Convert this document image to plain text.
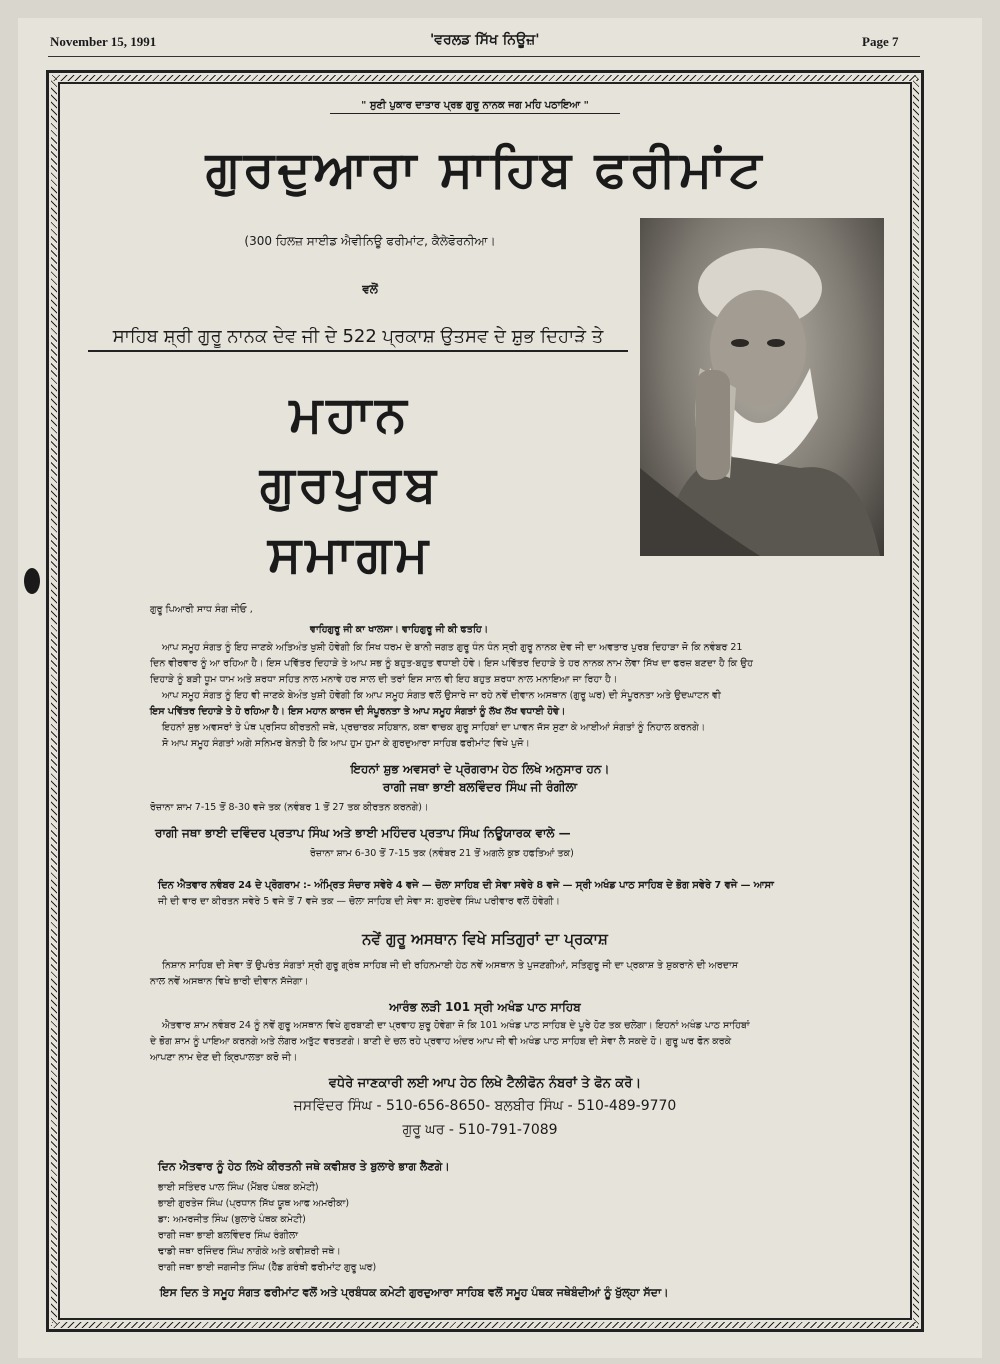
November 15, 1991	'ਵਰਲਡ ਸਿੱਖ ਨਿਊਜ਼'	Page 7
" ਸੁਣੀ ਪੁਕਾਰ ਦਾਤਾਰ ਪ੍ਰਭ ਗੁਰੂ ਨਾਨਕ ਜਗ ਮਹਿ ਪਠਾਇਆ "
ਗੁਰਦੁਆਰਾ ਸਾਹਿਬ ਫਰੀਮਾਂਟ
(300 ਹਿਲਜ਼ ਸਾਈਡ ਐਵੀਨਿਊ ਫਰੀਮਾਂਟ, ਕੈਲੇਫੋਰਨੀਆ।
ਵਲੋਂ
ਸਾਹਿਬ ਸ਼੍ਰੀ ਗੁਰੂ ਨਾਨਕ ਦੇਵ ਜੀ ਦੇ 522 ਪ੍ਰਕਾਸ਼ ਉਤਸਵ ਦੇ ਸ਼ੁਭ ਦਿਹਾੜੇ ਤੇ
ਮਹਾਨ
ਗੁਰਪੁਰਬ
ਸਮਾਗਮ
ਗੁਰੂ ਪਿਆਰੀ ਸਾਧ ਸੰਗ ਜੀਓ ,
ਵਾਹਿਗੁਰੂ ਜੀ ਕਾ ਖਾਲਸਾ। ਵਾਹਿਗੁਰੂ ਜੀ ਕੀ ਫਤਹਿ।
ਆਪ ਸਮੂਹ ਸੰਗਤ ਨੂੰ ਇਹ ਜਾਣਕੇ ਅਤਿਅੰਤ ਖੁਸ਼ੀ ਹੋਵੇਗੀ ਕਿ ਸਿਖ ਧਰਮ ਦੇ ਬਾਨੀ ਜਗਤ ਗੁਰੂ ਧੰਨ ਧੰਨ ਸ੍ਰੀ ਗੁਰੂ ਨਾਨਕ ਦੇਵ ਜੀ ਦਾ ਅਵਤਾਰ ਪੁਰਬ ਦਿਹਾੜਾ ਜੋ ਕਿ ਨਵੰਬਰ 21
ਦਿਨ ਵੀਰਵਾਰ ਨੂੰ ਆ ਰਹਿਆ ਹੈ। ਇਸ ਪਵਿੱਤਰ ਦਿਹਾੜੇ ਤੇ ਆਪ ਸਭ ਨੂੰ ਬਹੁਤ-ਬਹੁਤ ਵਧਾਈ ਹੋਵੇ। ਇਸ ਪਵਿੱਤਰ ਦਿਹਾੜੇ ਤੇ ਹਰ ਨਾਨਕ ਨਾਮ ਲੇਵਾ ਸਿੱਖ ਦਾ ਫਰਜ਼ ਬਣਦਾ ਹੈ ਕਿ ਉਹ
ਦਿਹਾੜੇ ਨੂੰ ਬੜੀ ਧੂਮ ਧਾਮ ਅਤੇ ਸ਼ਰਧਾ ਸਹਿਤ ਨਾਲ ਮਨਾਵੇ ਹਰ ਸਾਲ ਦੀ ਤਰਾਂ ਇਸ ਸਾਲ ਵੀ ਇਹ ਬਹੁਤ ਸ਼ਰਧਾ ਨਾਲ ਮਨਾਇਆ ਜਾ ਰਿਹਾ ਹੈ।
ਆਪ ਸਮੂਹ ਸੰਗਤ ਨੂੰ ਇਹ ਵੀ ਜਾਣਕੇ ਬੇਅੰਤ ਖੁਸ਼ੀ ਹੋਵੇਗੀ ਕਿ ਆਪ ਸਮੂਹ ਸੰਗਤ ਵਲੋਂ ਉਸਾਰੇ ਜਾ ਰਹੇ ਨਵੇਂ ਦੀਵਾਨ ਅਸਥਾਨ (ਗੁਰੂ ਘਰ) ਦੀ ਸੰਪੂਰਨਤਾ ਅਤੇ ਉਦਘਾਟਨ ਵੀ
ਇਸ ਪਵਿੱਤਰ ਦਿਹਾੜੇ ਤੇ ਹੋ ਰਹਿਆ ਹੈ। ਇਸ ਮਹਾਨ ਕਾਰਜ ਦੀ ਸੰਪੂਰਨਤਾ ਤੇ ਆਪ ਸਮੂਹ ਸੰਗਤਾਂ ਨੂੰ ਲੱਖ ਲੱਖ ਵਧਾਈ ਹੋਵੇ।
ਇਹਨਾਂ ਸ਼ੁਭ ਅਵਸਰਾਂ ਤੇ ਪੰਥ ਪ੍ਰਸਿਧ ਕੀਰਤਨੀ ਜਥੇ, ਪ੍ਰਚਾਰਕ ਸਹਿਬਾਨ, ਕਥਾ ਵਾਚਕ ਗੁਰੂ ਸਾਹਿਬਾਂ ਦਾ ਪਾਵਨ ਜੱਸ ਸੁਣਾ ਕੇ ਆਈਆਂ ਸੰਗਤਾਂ ਨੂੰ ਨਿਹਾਲ ਕਰਨਗੇ।
ਸੋ ਆਪ ਸਮੂਹ ਸੰਗਤਾਂ ਅਗੇ ਸਨਿਮਰ ਬੇਨਤੀ ਹੈ ਕਿ ਆਪ ਹੁਮ ਹੁਮਾ ਕੇ ਗੁਰਦੁਆਰਾ ਸਾਹਿਬ ਫਰੀਮਾਂਟ ਵਿਖੇ ਪੁਜੋ।
ਇਹਨਾਂ ਸ਼ੁਭ ਅਵਸਰਾਂ ਦੇ ਪ੍ਰੋਗਰਾਮ ਹੇਠ ਲਿਖੇ ਅਨੁਸਾਰ ਹਨ।
ਰਾਗੀ ਜਥਾ ਭਾਈ ਬਲਵਿੰਦਰ ਸਿੰਘ ਜੀ ਰੰਗੀਲਾ
ਰੋਜ਼ਾਨਾ ਸ਼ਾਮ 7-15 ਤੋਂ 8-30 ਵਜੇ ਤਕ (ਨਵੰਬਰ 1 ਤੋਂ 27 ਤਕ ਕੀਰਤਨ ਕਰਨਗੇ)।
ਰਾਗੀ ਜਥਾ ਭਾਈ ਦਵਿੰਦਰ ਪ੍ਰਤਾਪ ਸਿੰਘ ਅਤੇ ਭਾਈ ਮਹਿੰਦਰ ਪ੍ਰਤਾਪ ਸਿੰਘ ਨਿਊਯਾਰਕ ਵਾਲੇ —
ਰੋਜ਼ਾਨਾ ਸ਼ਾਮ 6-30 ਤੋਂ 7-15 ਤਕ (ਨਵੰਬਰ 21 ਤੋਂ ਅਗਲੇ ਕੁਝ ਹਫਤਿਆਂ ਤਕ)
ਦਿਨ ਐਤਵਾਰ ਨਵੰਬਰ 24 ਦੇ ਪ੍ਰੋਗਰਾਮ :- ਅੰਮ੍ਰਿਤ ਸੰਚਾਰ ਸਵੇਰੇ 4 ਵਜੇ — ਚੋਲਾ ਸਾਹਿਬ ਦੀ ਸੇਵਾ ਸਵੇਰੇ 8 ਵਜੇ — ਸ੍ਰੀ ਅਖੰਡ ਪਾਠ ਸਾਹਿਬ ਦੇ ਭੋਗ ਸਵੇਰੇ 7 ਵਜੇ — ਆਸਾ
ਜੀ ਦੀ ਵਾਰ ਦਾ ਕੀਰਤਨ ਸਵੇਰੇ 5 ਵਜੇ ਤੋਂ 7 ਵਜੇ ਤਕ — ਚੋਲਾ ਸਾਹਿਬ ਦੀ ਸੇਵਾ ਸ: ਗੁਰਦੇਵ ਸਿੰਘ ਪਰੀਵਾਰ ਵਲੋਂ ਹੋਵੇਗੀ।
ਨਵੇਂ ਗੁਰੂ ਅਸਥਾਨ ਵਿਖੇ ਸਤਿਗੁਰਾਂ ਦਾ ਪ੍ਰਕਾਸ਼
ਨਿਸ਼ਾਨ ਸਾਹਿਬ ਦੀ ਸੇਵਾ ਤੋਂ ਉਪਰੰਤ ਸੰਗਤਾਂ ਸ੍ਰੀ ਗੁਰੂ ਗ੍ਰੰਥ ਸਾਹਿਬ ਜੀ ਦੀ ਰਹਿਨਮਾਈ ਹੇਠ ਨਵੇਂ ਅਸਥਾਨ ਤੇ ਪੁਜਣਗੀਆਂ, ਸਤਿਗੁਰੂ ਜੀ ਦਾ ਪ੍ਰਕਾਸ਼ ਤੇ ਸ਼ੁਕਰਾਨੇ ਦੀ ਅਰਦਾਸ
ਨਾਲ ਨਵੇਂ ਅਸਥਾਨ ਵਿਖੇ ਭਾਰੀ ਦੀਵਾਨ ਸੱਜੇਗਾ।
ਆਰੰਭ ਲੜੀ 101 ਸ੍ਰੀ ਅਖੰਡ ਪਾਠ ਸਾਹਿਬ
ਐਤਵਾਰ ਸ਼ਾਮ ਨਵੰਬਰ 24 ਨੂੰ ਨਵੇਂ ਗੁਰੂ ਅਸਥਾਨ ਵਿਖੇ ਗੁਰਬਾਣੀ ਦਾ ਪ੍ਰਵਾਹ ਸ਼ੁਰੂ ਹੋਵੇਗਾ ਜੋ ਕਿ 101 ਅਖੰਡ ਪਾਠ ਸਾਹਿਬ ਦੇ ਪੂਰੇ ਹੋਣ ਤਕ ਚਲੇਗਾ। ਇਹਨਾਂ ਅਖੰਡ ਪਾਠ ਸਾਹਿਬਾਂ
ਦੇ ਭੋਗ ਸ਼ਾਮ ਨੂੰ ਪਾਇਆ ਕਰਨਗੇ ਅਤੇ ਲੰਗਰ ਅਤੁੱਟ ਵਰਤਣਗੇ। ਬਾਣੀ ਦੇ ਚਲ ਰਹੇ ਪ੍ਰਵਾਹ ਅੰਦਰ ਆਪ ਜੀ ਵੀ ਅਖੰਡ ਪਾਠ ਸਾਹਿਬ ਦੀ ਸੇਵਾ ਲੈ ਸਕਦੇ ਹੋ। ਗੁਰੂ ਘਰ ਫੋਨ ਕਰਕੇ
ਆਪਣਾ ਨਾਮ ਦੇਣ ਦੀ ਕ੍ਰਿਪਾਲਤਾ ਕਰੋ ਜੀ।
ਵਧੇਰੇ ਜਾਣਕਾਰੀ ਲਈ ਆਪ ਹੇਠ ਲਿਖੇ ਟੈਲੀਫੋਨ ਨੰਬਰਾਂ ਤੇ ਫੋਨ ਕਰੋ।
ਜਸਵਿੰਦਰ ਸਿੰਘ - 510-656-8650- ਬਲਬੀਰ ਸਿੰਘ - 510-489-9770
ਗੁਰੂ ਘਰ - 510-791-7089
ਦਿਨ ਐਤਵਾਰ ਨੂੰ ਹੇਠ ਲਿਖੇ ਕੀਰਤਨੀ ਜਥੇ ਕਵੀਸ਼ਰ ਤੇ ਬੁਲਾਰੇ ਭਾਗ ਲੈਣਗੇ।
ਭਾਈ ਸਤਿੰਦਰ ਪਾਲ ਸਿੰਘ (ਮੈਂਬਰ ਪੰਥਕ ਕਮੇਟੀ)
ਭਾਈ ਗੁਰਤੇਜ ਸਿੰਘ (ਪ੍ਰਧਾਨ ਸਿੱਖ ਯੂਥ ਆਫ ਅਮਰੀਕਾ)
ਡਾ: ਅਮਰਜੀਤ ਸਿੰਘ (ਬੁਲਾਰੇ ਪੰਥਕ ਕਮੇਟੀ)
ਰਾਗੀ ਜਥਾ ਭਾਈ ਬਲਵਿੰਦਰ ਸਿੰਘ ਰੰਗੀਲਾ
ਢਾਡੀ ਜਥਾ ਰਜਿੰਦਰ ਸਿੰਘ ਨਾਗੋਕੇ ਅਤੇ ਕਵੀਸ਼ਰੀ ਜਥੇ।
ਰਾਗੀ ਜਥਾ ਭਾਈ ਜਗਜੀਤ ਸਿੰਘ (ਹੈੱਡ ਗਰੰਥੀ ਫਰੀਮਾਂਟ ਗੁਰੂ ਘਰ)
ਇਸ ਦਿਨ ਤੇ ਸਮੂਹ ਸੰਗਤ ਫਰੀਮਾਂਟ ਵਲੋਂ ਅਤੇ ਪ੍ਰਬੰਧਕ ਕਮੇਟੀ ਗੁਰਦੁਆਰਾ ਸਾਹਿਬ ਵਲੋਂ ਸਮੂਹ ਪੰਥਕ ਜਥੇਬੰਦੀਆਂ ਨੂੰ ਖੁੱਲ੍ਹਾ ਸੱਦਾ।
